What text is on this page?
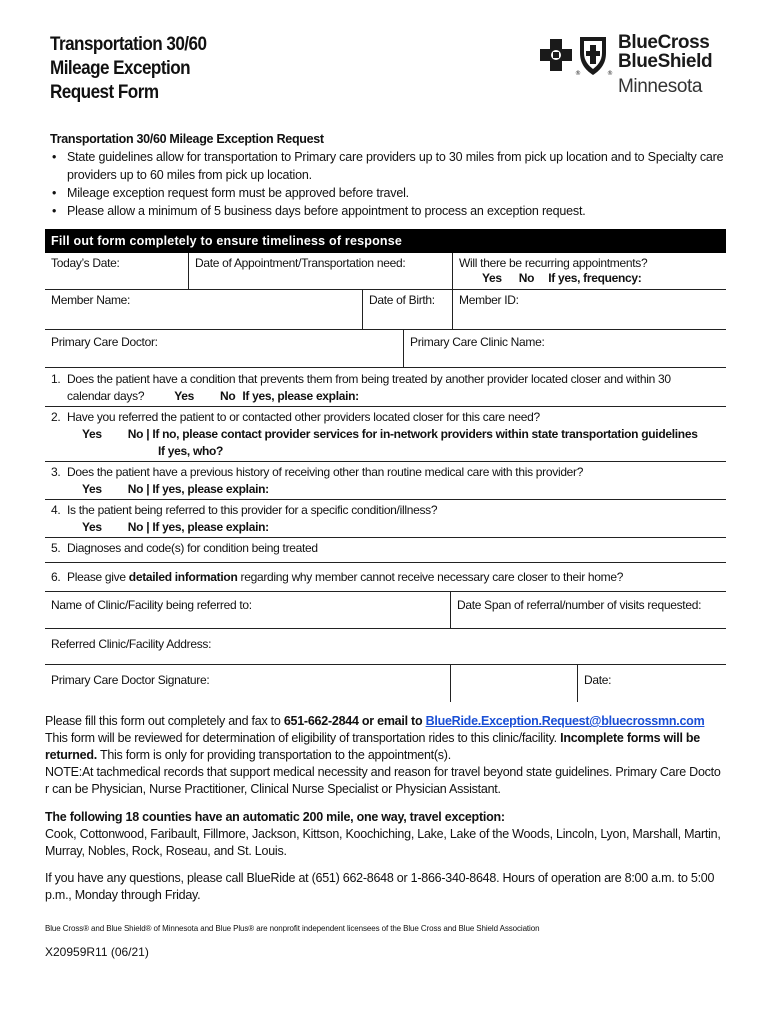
Transportation 30/60
Mileage Exception
Request Form
®	®
BlueCross
BlueShield
Minnesota
Transportation 30/60 Mileage Exception Request
• State guidelines allow for transportation to Primary care providers up to 30 miles from pick up location and to Specialty care providers up to 60 miles from pick up location.
• Mileage exception request form must be approved before travel.
• Please allow a minimum of 5 business days before appointment to process an exception request.
Fill out form completely to ensure timeliness of response
Today’s Date:	Date of Appointment/Transportation need:	Will there be recurring appointments?
Yes No If yes, frequency:
Member Name:	Date of Birth:	Member ID:
Primary Care Doctor:	Primary Care Clinic Name:
1. Does the patient have a condition that prevents them from being treated by another provider located closer and within 30
calendar days?	Yes No If yes, please explain:
2. Have you referred the patient to or contacted other providers located closer for this care need?
Yes No | If no, please contact provider services for in-network providers within state transportation guidelines
If yes, who?
3. Does the patient have a previous history of receiving other than routine medical care with this provider?
Yes No | If yes, please explain:
4. Is the patient being referred to this provider for a specific condition/illness?
Yes No | If yes, please explain:
5. Diagnoses and code(s) for condition being treated
6. Please give detailed information regarding why member cannot receive necessary care closer to their home?
Name of Clinic/Facility being referred to:	Date Span of referral/number of visits requested:
Referred Clinic/Facility Address:
Primary Care Doctor Signature:	Date:

Please fill this form out completely and fax to 651-662-2844 or email to BlueRide.Exception.Request@bluecrossmn.com

This form will be reviewed for determination of eligibility of transportation rides to this clinic/facility. Incomplete forms will be returned. This form is only for providing transportation to the appointment(s).

NOTE:At tachmedical records that support medical necessity and reason for travel beyond state guidelines. Primary Care Docto r can be Physician, Nurse Practitioner, Clinical Nurse Specialist or Physician Assistant.

The following 18 counties have an automatic 200 mile, one way, travel exception:

Cook, Cottonwood, Faribault, Fillmore, Jackson, Kittson, Koochiching, Lake, Lake of the Woods, Lincoln, Lyon, Marshall, Martin, Murray, Nobles, Rock, Roseau, and St. Louis.

If you have any questions, please call BlueRide at (651) 662-8648 or 1-866-340-8648. Hours of operation are 8:00 a.m. to 5:00 p.m., Monday through Friday.

Blue Cross® and Blue Shield® of Minnesota and Blue Plus® are nonprofit independent licensees of the Blue Cross and Blue Shield Association
X20959R11 (06/21)
